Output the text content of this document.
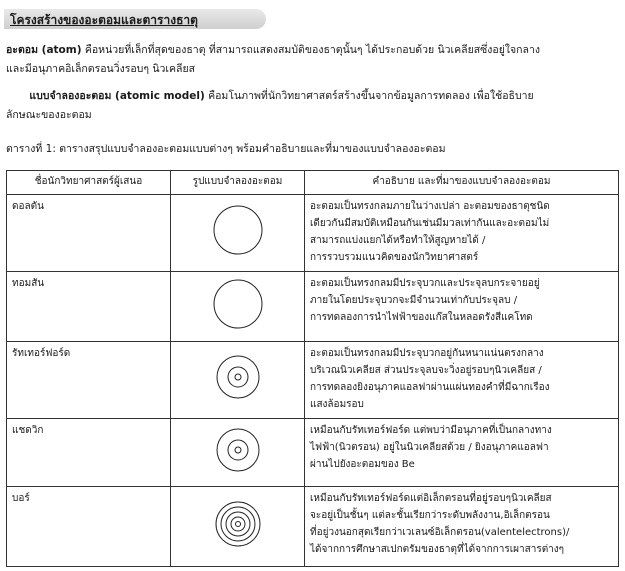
โครงสร้างของอะตอมและตารางธาตุ
อะตอม (atom) คือหน่วยที่เล็กที่สุดของธาตุ ที่สามารถแสดงสมบัติของธาตุนั้นๆ ได้ประกอบด้วย นิวเคลียสซึ่งอยู่ใจกลาง
และมีอนุภาคอิเล็กตรอนวิ่งรอบๆ นิวเคลียส
แบบจำลองอะตอม (atomic model) คือมโนภาพที่นักวิทยาศาสตร์สร้างขึ้นจากข้อมูลการทดลอง เพื่อใช้อธิบาย
ลักษณะของอะตอม
ตารางที่ 1: ตารางสรุปแบบจำลองอะตอมแบบต่างๆ พร้อมคำอธิบายและที่มาของแบบจำลองอะตอม
ชื่อนักวิทยาศาสตร์ผู้เสนอ	รูปแบบจำลองอะตอม	คำอธิบาย และที่มาของแบบจำลองอะตอม
ดอลตัน		อะตอมเป็นทรงกลมภายในว่างเปล่า อะตอมของธาตุชนิด
เดียวกันมีสมบัติเหมือนกันเช่นมีมวลเท่ากันและอะตอมไม่
สามารถแบ่งแยกได้หรือทำให้สูญหายได้ /
การรวบรวมแนวคิดของนักวิทยาศาสตร์

ทอมสัน		อะตอมเป็นทรงกลมมีประจุบวกและประจุลบกระจายอยู่
ภายในโดยประจุบวกจะมีจำนวนเท่ากับประจุลบ /
การทดลองการนำไฟฟ้าของแก๊สในหลอดรังสีแคโทด

รัทเทอร์ฟอร์ด		อะตอมเป็นทรงกลมมีประจุบวกอยู่กันหนาแน่นตรงกลาง
บริเวณนิวเคลียส ส่วนประจุลบจะวิ่งอยู่รอบๆนิวเคลียส /
การทดลองยิงอนุภาคแอลฟาผ่านแผ่นทองคำที่มีฉากเรือง
แสงล้อมรอบ

แชดวิก		เหมือนกับรัทเทอร์ฟอร์ด แต่พบว่ามีอนุภาคที่เป็นกลางทาง
ไฟฟ้า(นิวตรอน) อยู่ในนิวเคลียสด้วย / ยิงอนุภาคแอลฟา
ผ่านไปยังอะตอมของ Be

บอร์		เหมือนกับรัทเทอร์ฟอร์ดแต่อิเล็กตรอนที่อยู่รอบๆนิวเคลียส
จะอยู่เป็นชั้นๆ แต่ละชั้นเรียกว่าระดับพลังงาน,อิเล็กตรอน
ที่อยู่วงนอกสุดเรียกว่าเวเลนซ์อิเล็กตรอน(valentelectrons)/
ได้จากการศึกษาสเปกตรัมของธาตุที่ได้จากการเผาสารต่างๆ
